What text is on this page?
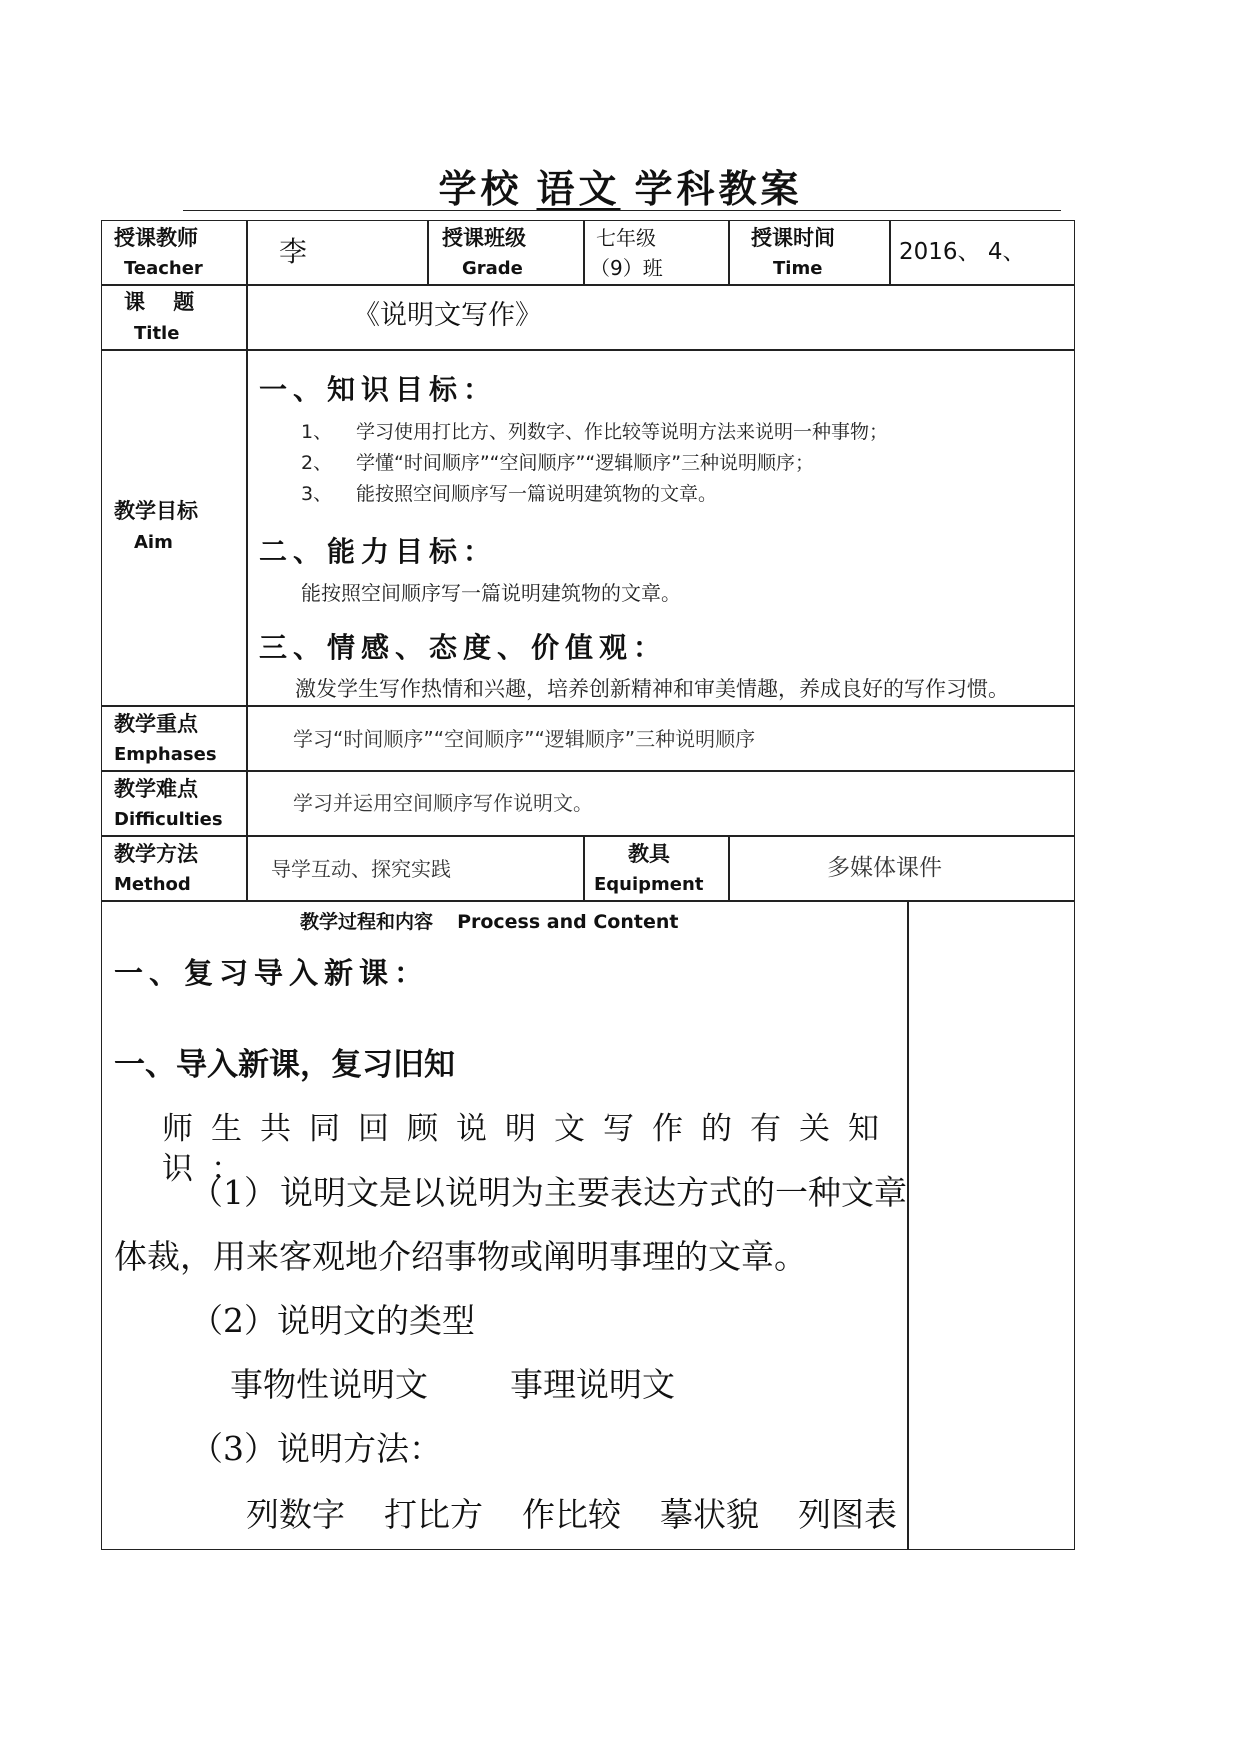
学校 语文 学科教案
授课教师
Teacher
李	授课班级
Grade
七年级
（9）班
授课时间
Time
2016、 4、
课　 题
Title
《说明文写作》
教学目标
Aim
一、知识目标：
1、 学习使用打比方、列数字、作比较等说明方法来说明一种事物；
2、 学懂“时间顺序”“空间顺序”“逻辑顺序”三种说明顺序；
3、 能按照空间顺序写一篇说明建筑物的文章。
二、能力目标：
能按照空间顺序写一篇说明建筑物的文章。
三、情感、态度、价值观：
激发学生写作热情和兴趣，培养创新精神和审美情趣，养成良好的写作习惯。
教学重点
Emphases
学习“时间顺序”“空间顺序”“逻辑顺序”三种说明顺序
教学难点
Difficulties
学习并运用空间顺序写作说明文。
教学方法
Method
导学互动、探究实践
教具
Equipment
多媒体课件
教学过程和内容 Process and Content
一、复习导入新课：
一、导入新课，复习旧知
师生共同回顾说明文写作的有关知识：
（1） 说明文是以说明为主要表达方式的一种文章
体裁，用来客观地介绍事物或阐明事理的文章。
（2）说明文的类型
事物性说明文 事理说明文
（3）说明方法：
列数字 打比方 作比较 摹状貌 列图表
